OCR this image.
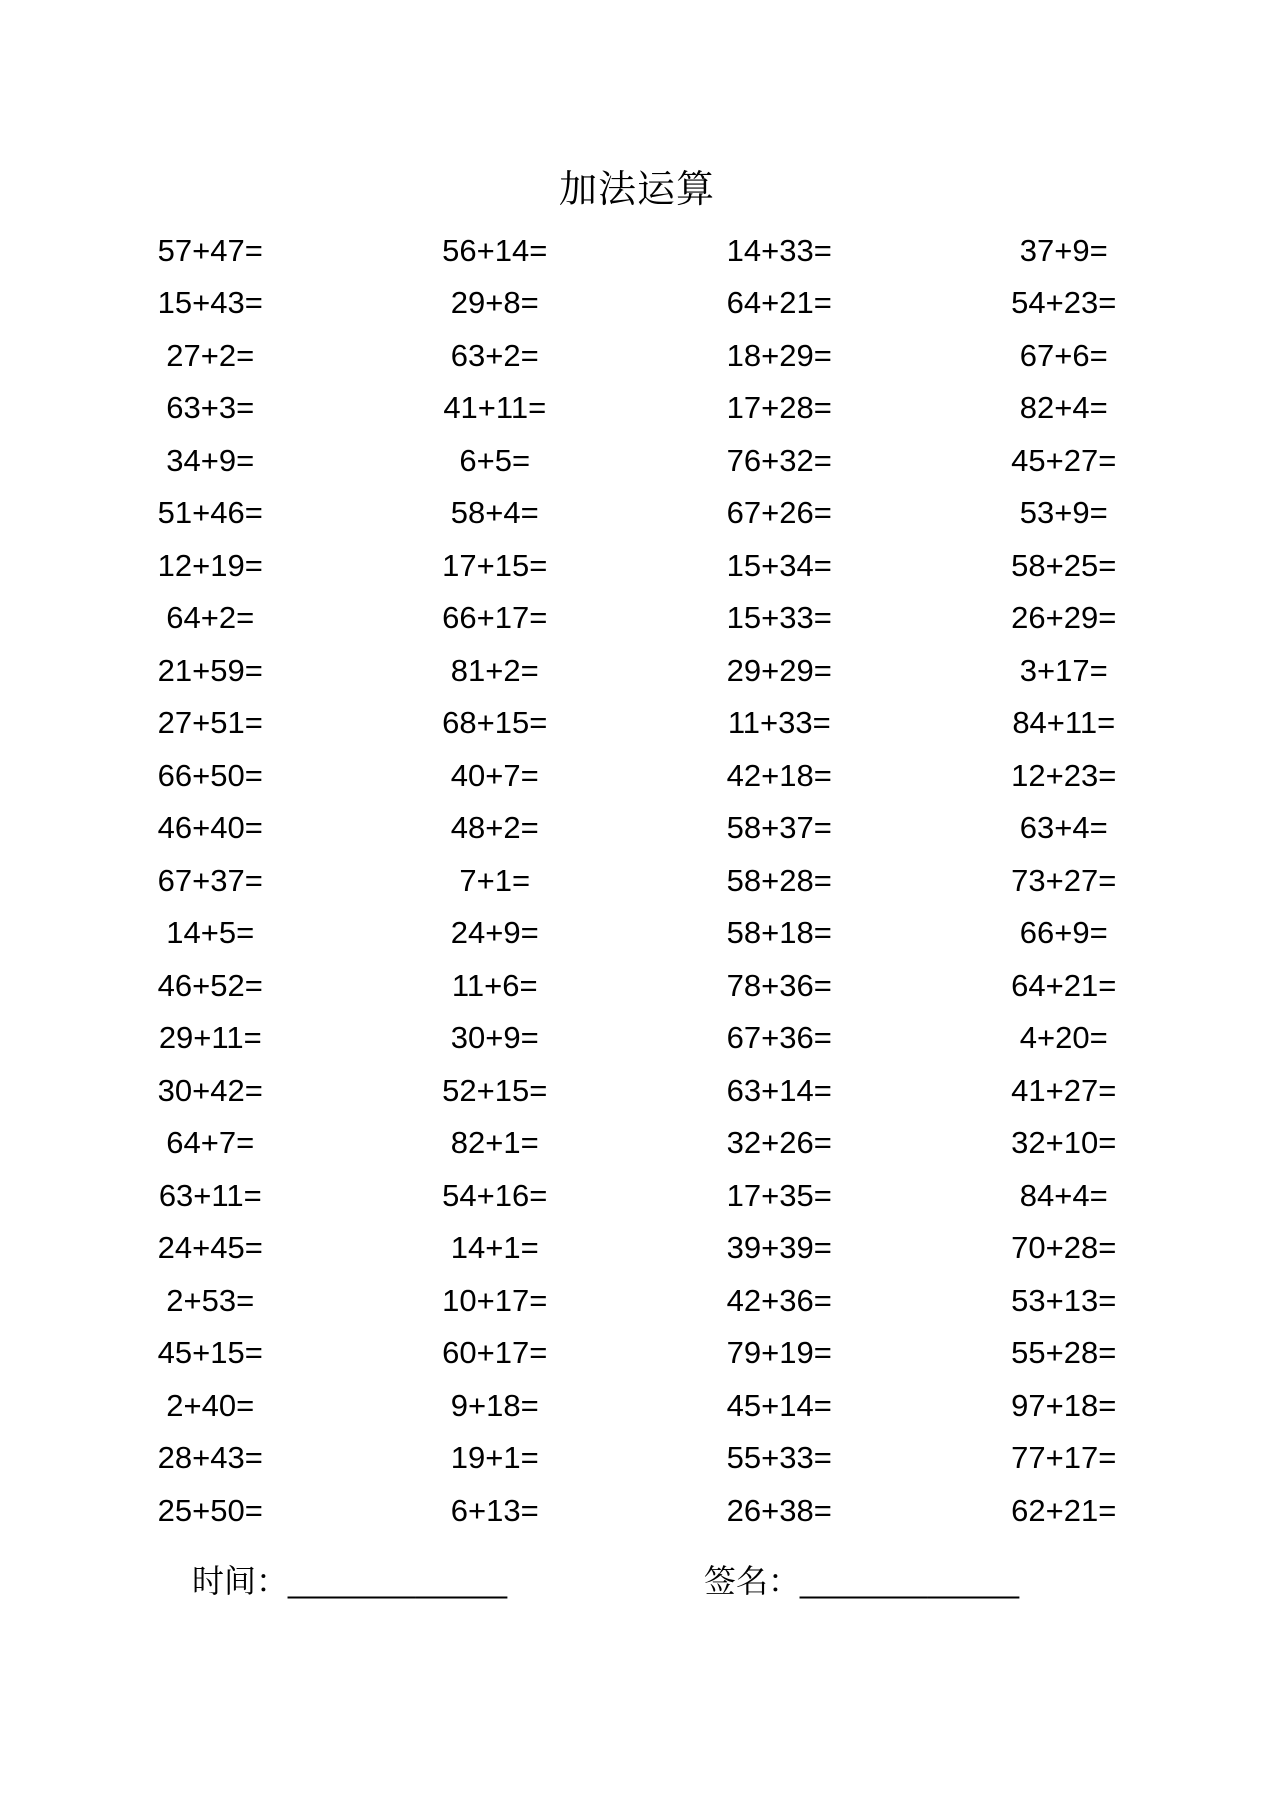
加法运算
57+47=	56+14=	14+33=	37+9=
15+43=	29+8=	64+21=	54+23=
27+2=	63+2=	18+29=	67+6=
63+3=	41+11=	17+28=	82+4=
34+9=	6+5=	76+32=	45+27=
51+46=	58+4=	67+26=	53+9=
12+19=	17+15=	15+34=	58+25=
64+2=	66+17=	15+33=	26+29=
21+59=	81+2=	29+29=	3+17=
27+51=	68+15=	11+33=	84+11=
66+50=	40+7=	42+18=	12+23=
46+40=	48+2=	58+37=	63+4=
67+37=	7+1=	58+28=	73+27=
14+5=	24+9=	58+18=	66+9=
46+52=	11+6=	78+36=	64+21=
29+11=	30+9=	67+36=	4+20=
30+42=	52+15=	63+14=	41+27=
64+7=	82+1=	32+26=	32+10=
63+11=	54+16=	17+35=	84+4=
24+45=	14+1=	39+39=	70+28=
2+53=	10+17=	42+36=	53+13=
45+15=	60+17=	79+19=	55+28=
2+40=	9+18=	45+14=	97+18=
28+43=	19+1=	55+33=	77+17=
25+50=	6+13=	26+38=	62+21=
时间：____________	签名：____________
